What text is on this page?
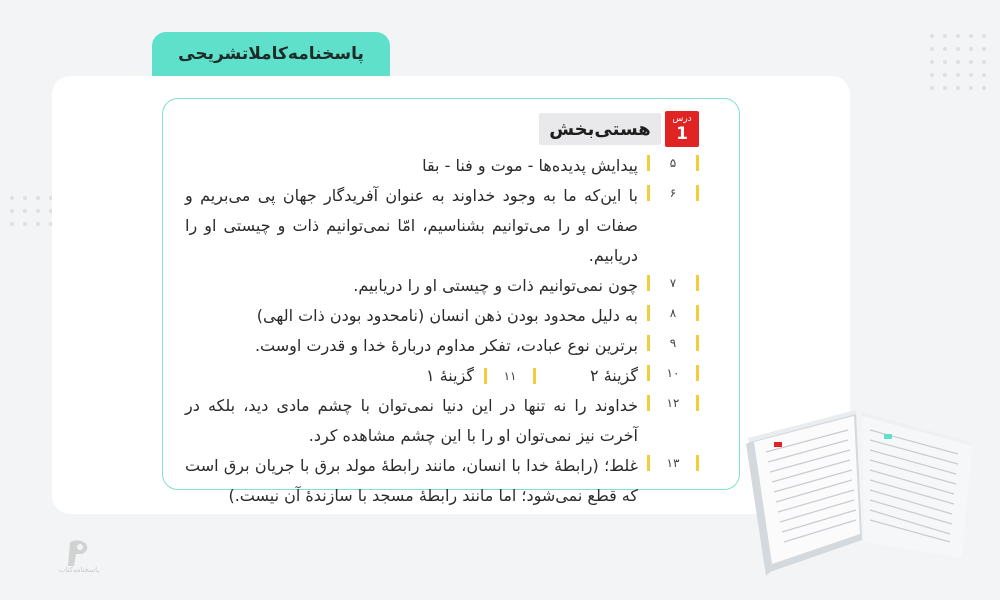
پاسخنامه‌کاملاتشریحی
درس
1
هستی‌بخش
۵
پیدایش پدیده‌ها - موت و فنا - بقا
۶
با این‌که ما به وجود خداوند به عنوان آفریدگار جهان پی می‌بریم و صفات او را می‌توانیم بشناسیم، امّا نمی‌توانیم ذات و چیستی او را دریابیم.
۷
چون نمی‌توانیم ذات و چیستی او را دریابیم.
۸
به دلیل محدود بودن ذهن انسان (نامحدود بودن ذات الهی)
۹
برترین نوع عبادت، تفکر مداوم دربارهٔ خدا و قدرت اوست.
۱۰
گزینهٔ ۲
۱۱
گزینهٔ ۱
۱۲
خداوند را نه تنها در این دنیا نمی‌توان با چشم مادی دید، بلکه در آخرت نیز نمی‌توان او را با این چشم مشاهده کرد.
۱۳
غلط؛ (رابطهٔ خدا با انسان، مانند رابطهٔ مولد برق با جریان برق است که قطع نمی‌شود؛ اما مانند رابطهٔ مسجد با سازندهٔ آن نیست.)
پاسخنامه‌کتاب
